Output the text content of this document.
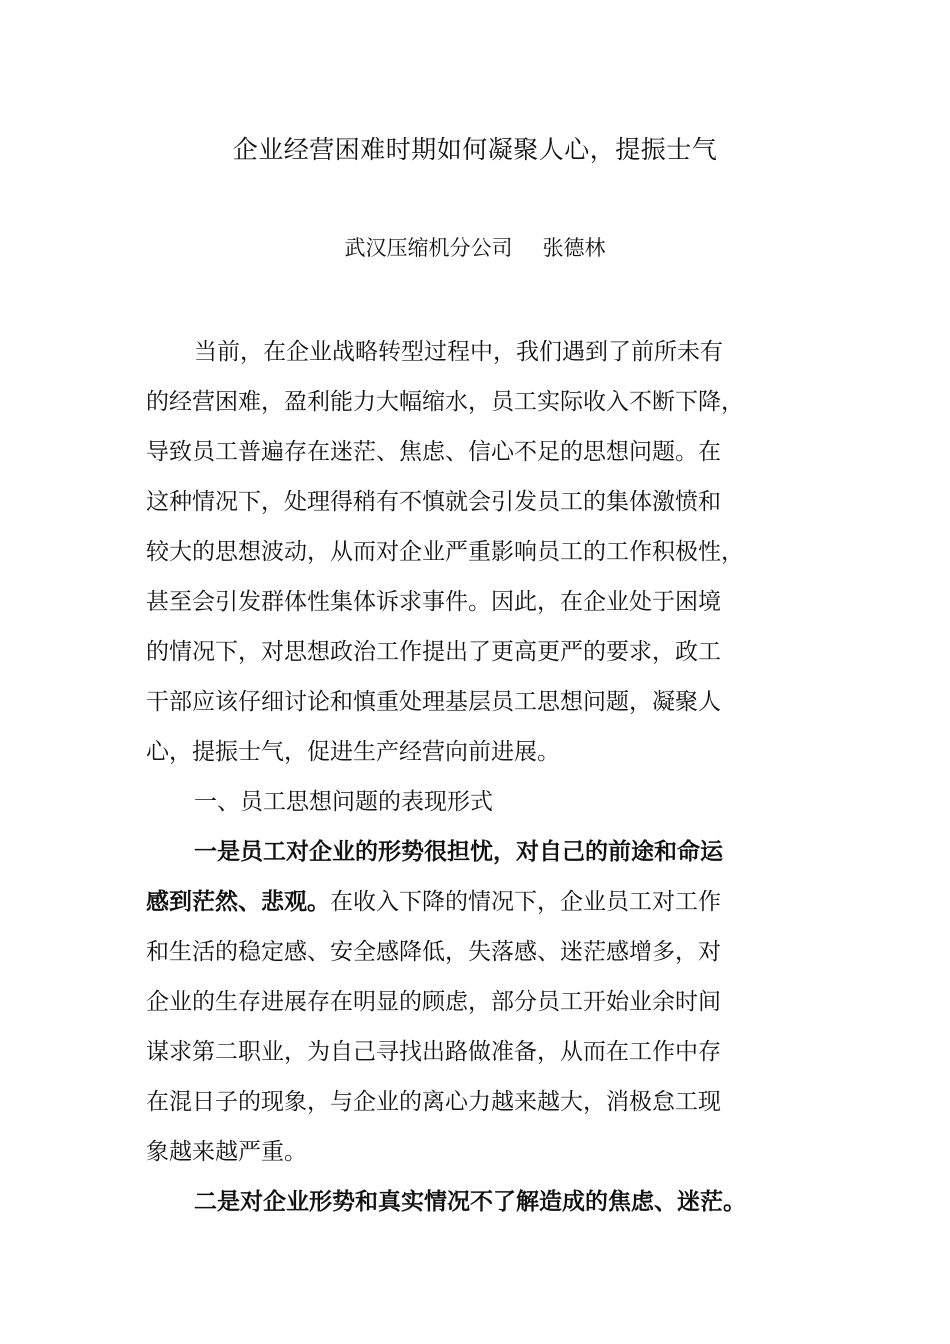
企业经营困难时期如何凝聚人心，提振士气
武汉压缩机分公司 张德林
当前，在企业战略转型过程中，我们遇到了前所未有
的经营困难，盈利能力大幅缩水，员工实际收入不断下降，
导致员工普遍存在迷茫、焦虑、信心不足的思想问题。在
这种情况下，处理得稍有不慎就会引发员工的集体激愤和
较大的思想波动，从而对企业严重影响员工的工作积极性，
甚至会引发群体性集体诉求事件。因此，在企业处于困境
的情况下，对思想政治工作提出了更高更严的要求，政工
干部应该仔细讨论和慎重处理基层员工思想问题，凝聚人
心，提振士气，促进生产经营向前进展。
一、员工思想问题的表现形式
一是员工对企业的形势很担忧，对自己的前途和命运
感到茫然、悲观。在收入下降的情况下，企业员工对工作
和生活的稳定感、安全感降低，失落感、迷茫感增多，对
企业的生存进展存在明显的顾虑，部分员工开始业余时间
谋求第二职业，为自己寻找出路做准备，从而在工作中存
在混日子的现象，与企业的离心力越来越大，消极怠工现
象越来越严重。
二是对企业形势和真实情况不了解造成的焦虑、迷茫。
